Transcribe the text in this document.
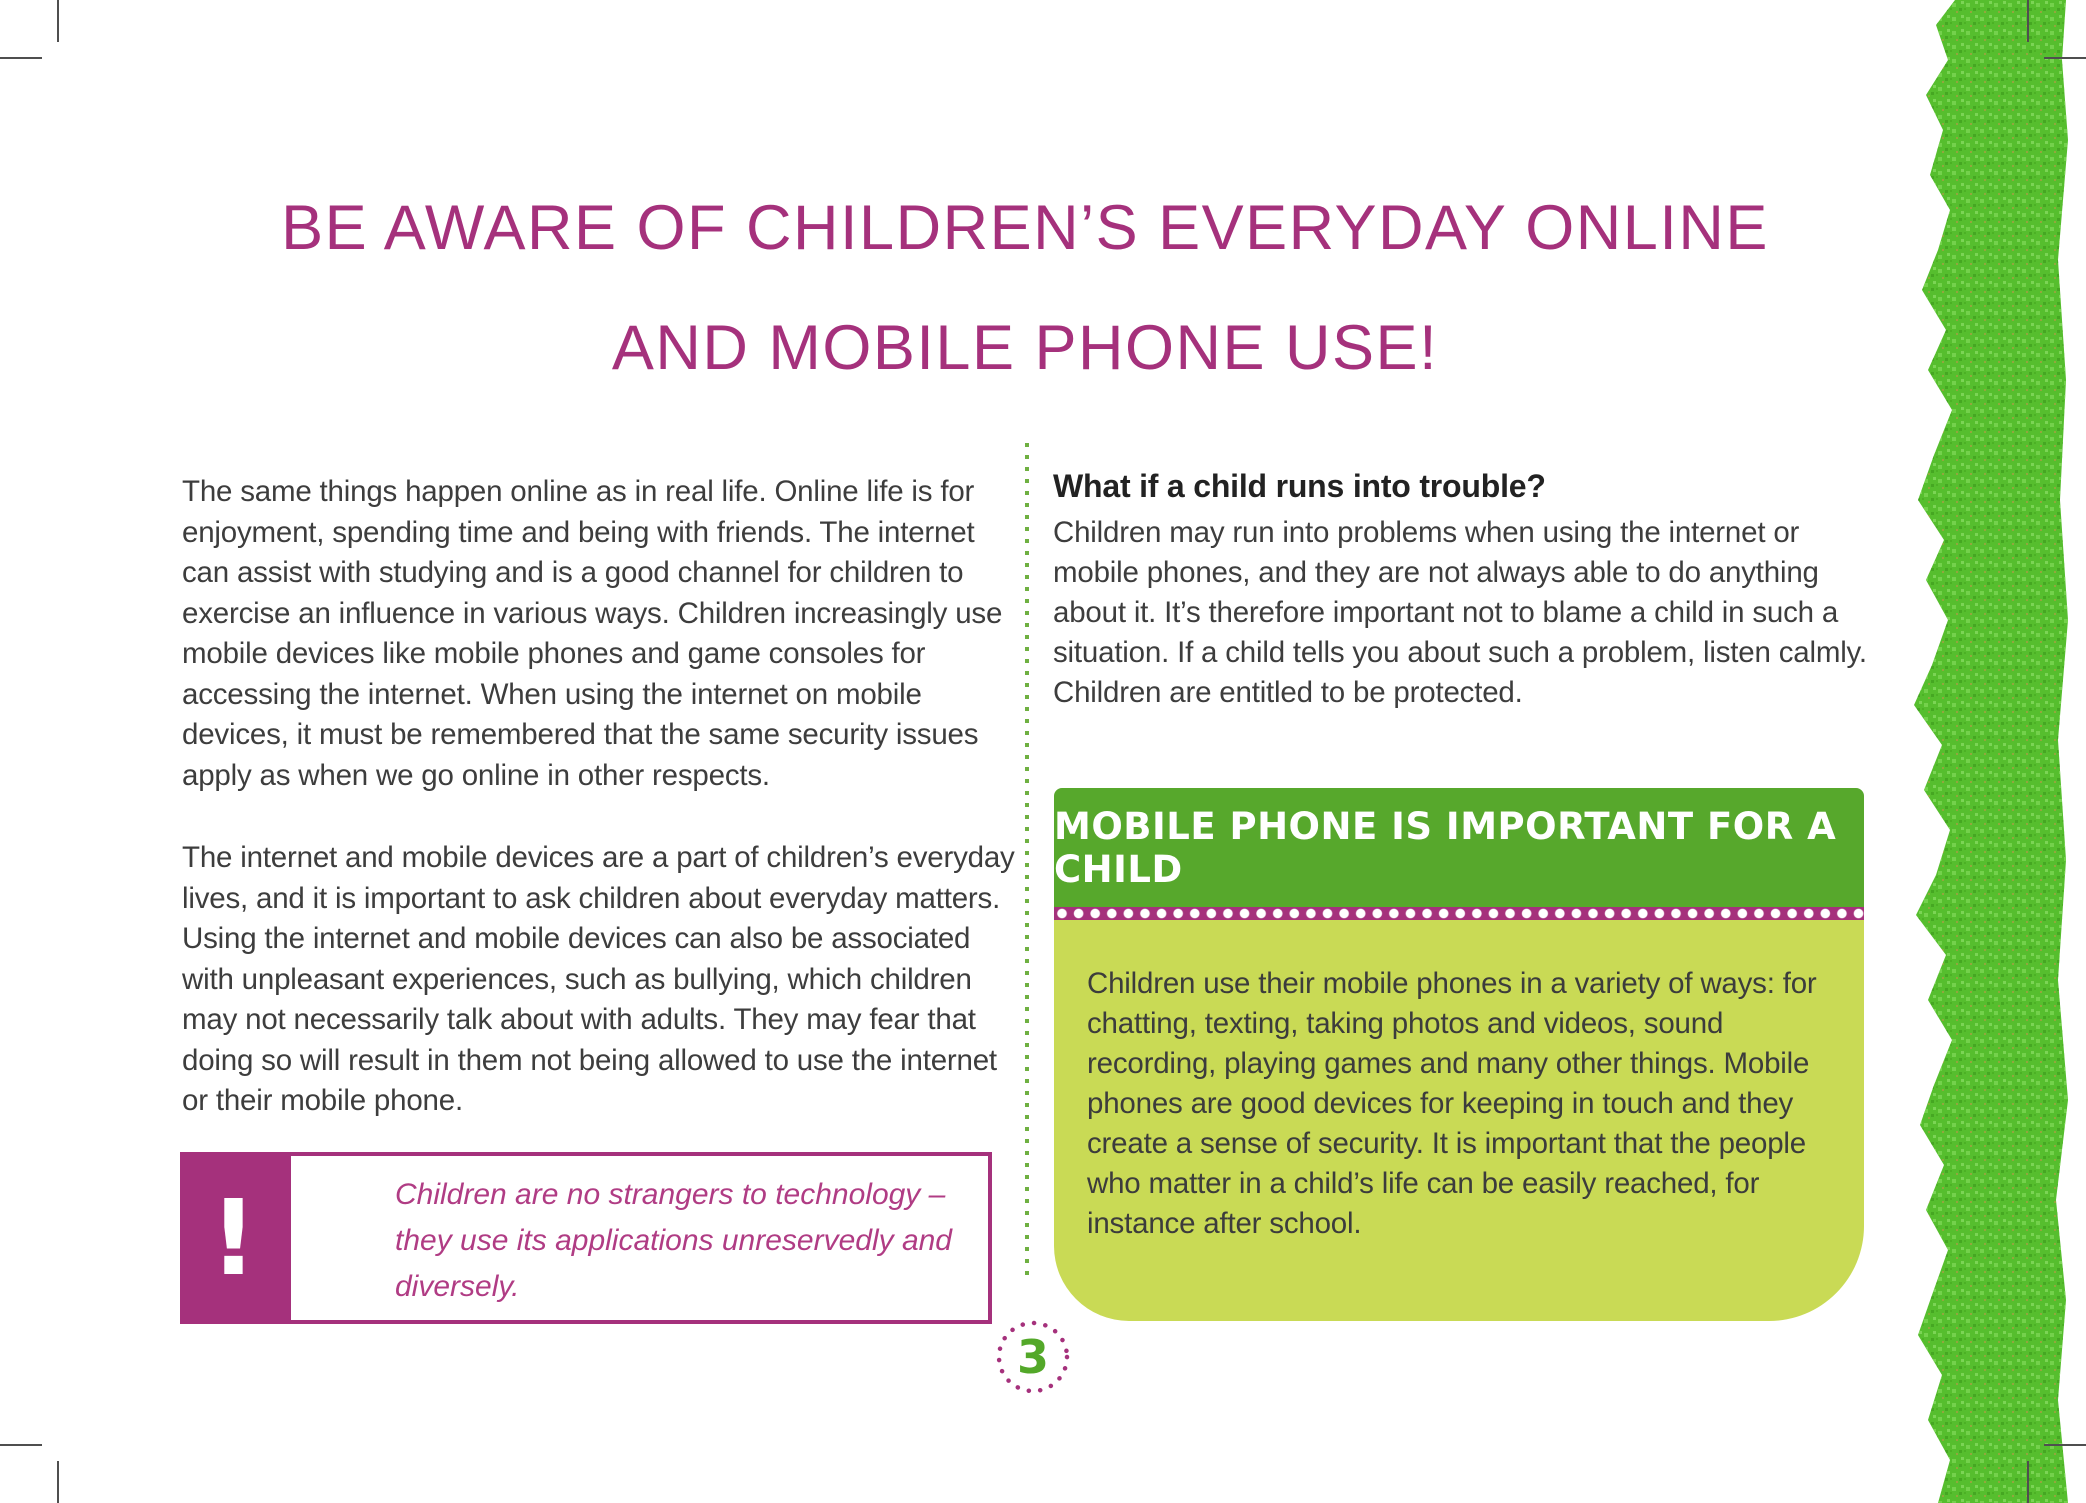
BE AWARE OF CHILDREN’S EVERYDAY ONLINE
AND MOBILE PHONE USE!

The same things happen online as in real life. Online life is for enjoyment, spending time and being with friends. The internet can assist with studying and is a good channel for children to exercise an influence in various ways. Children increasingly use mobile devices like mobile phones and game consoles for accessing the internet. When using the internet on mobile devices, it must be remembered that the same security issues apply as when we go online in other respects.

The internet and mobile devices are a part of children’s everyday lives, and it is important to ask children about everyday matters. Using the internet and mobile devices can also be associated with unpleasant experiences, such as bullying, which children may not necessarily talk about with adults. They may fear that doing so will result in them not being allowed to use the internet or their mobile phone.

!	Children are no strangers to technology – they use its applications unreservedly and diversely.
What if a child runs into trouble?
Children may run into problems when using the internet or mobile phones, and they are not always able to do anything about it. It’s therefore important not to blame a child in such a situation. If a child tells you about such a problem, listen calmly. Children are entitled to be protected.
MOBILE PHONE IS IMPORTANT FOR A CHILD
Children use their mobile phones in a variety of ways: for chatting, texting, taking photos and videos, sound recording, playing games and many other things. Mobile phones are good devices for keeping in touch and they create a sense of security. It is important that the people who matter in a child’s life can be easily reached, for instance after school.
3
